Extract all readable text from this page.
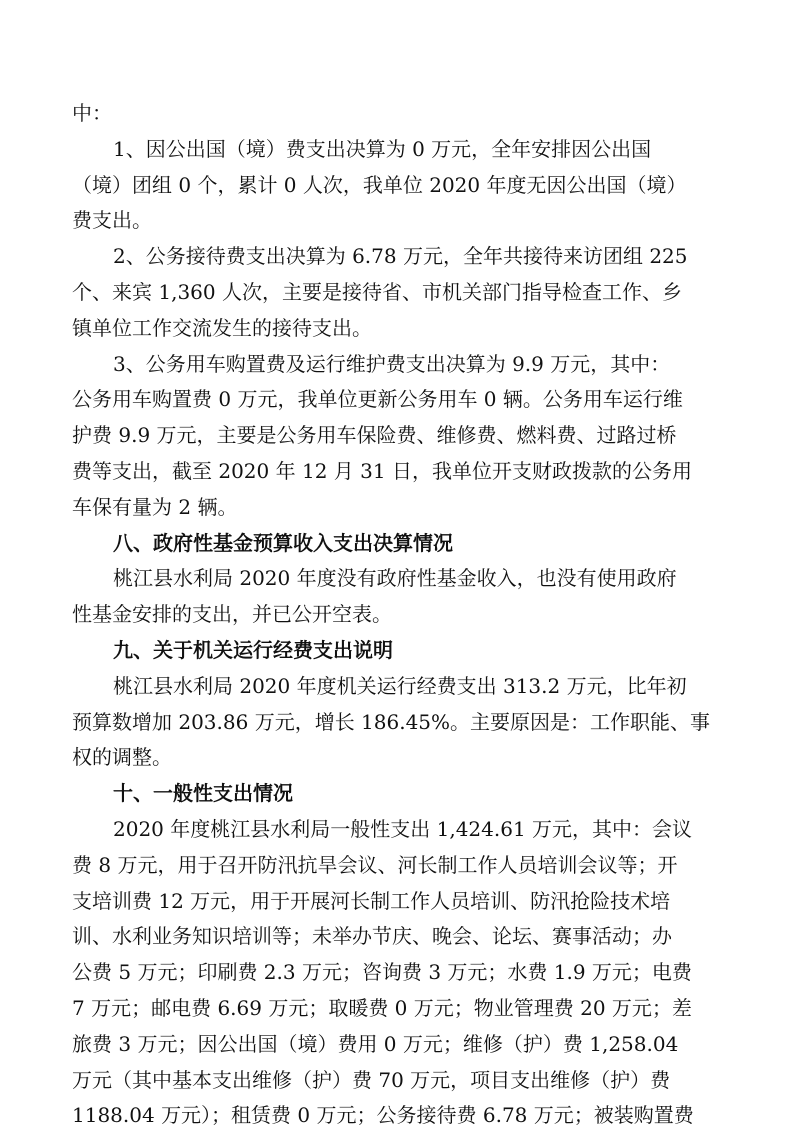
中：
1、因公出国（境）费支出决算为 0 万元，全年安排因公出国
（境）团组 0 个，累计 0 人次，我单位 2020 年度无因公出国（境）
费支出。
2、公务接待费支出决算为 6.78 万元，全年共接待来访团组 225
个、来宾 1,360 人次，主要是接待省、市机关部门指导检查工作、乡
镇单位工作交流发生的接待支出。
3、公务用车购置费及运行维护费支出决算为 9.9 万元，其中：
公务用车购置费 0 万元，我单位更新公务用车 0 辆。公务用车运行维
护费 9.9 万元，主要是公务用车保险费、维修费、燃料费、过路过桥
费等支出，截至 2020 年 12 月 31 日，我单位开支财政拨款的公务用
车保有量为 2 辆。
八、政府性基金预算收入支出决算情况
桃江县水利局 2020 年度没有政府性基金收入，也没有使用政府
性基金安排的支出，并已公开空表。
九、关于机关运行经费支出说明
桃江县水利局 2020 年度机关运行经费支出 313.2 万元，比年初
预算数增加 203.86 万元，增长 186.45%。主要原因是：工作职能、事
权的调整。
十、一般性支出情况
2020 年度桃江县水利局一般性支出 1,424.61 万元，其中：会议
费 8 万元，用于召开防汛抗旱会议、河长制工作人员培训会议等；开
支培训费 12 万元，用于开展河长制工作人员培训、防汛抢险技术培
训、水利业务知识培训等；未举办节庆、晚会、论坛、赛事活动；办
公费 5 万元；印刷费 2.3 万元；咨询费 3 万元；水费 1.9 万元；电费
7 万元；邮电费 6.69 万元；取暖费 0 万元；物业管理费 20 万元；差
旅费 3 万元；因公出国（境）费用 0 万元；维修（护）费 1,258.04
万元（其中基本支出维修（护）费 70 万元，项目支出维修（护）费
1188.04 万元）；租赁费 0 万元；公务接待费 6.78 万元；被装购置费
